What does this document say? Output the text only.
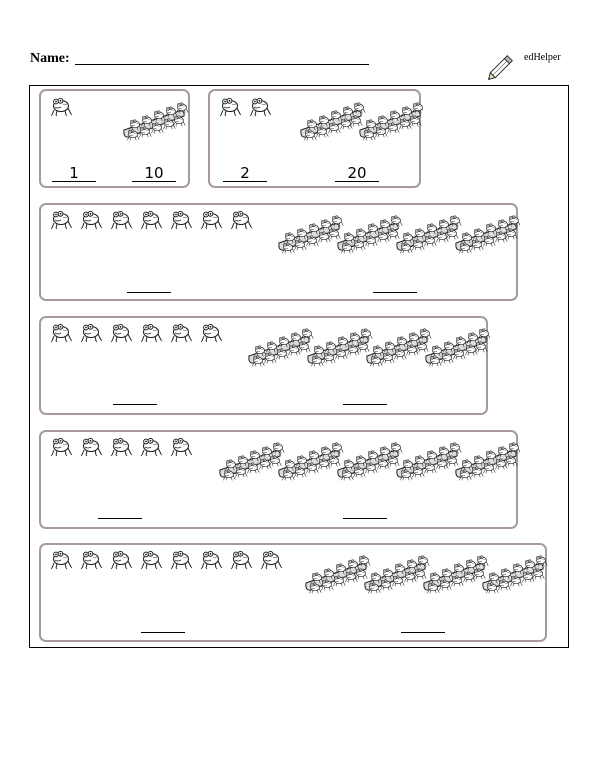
Name:	edHelper
1	10	2	20
